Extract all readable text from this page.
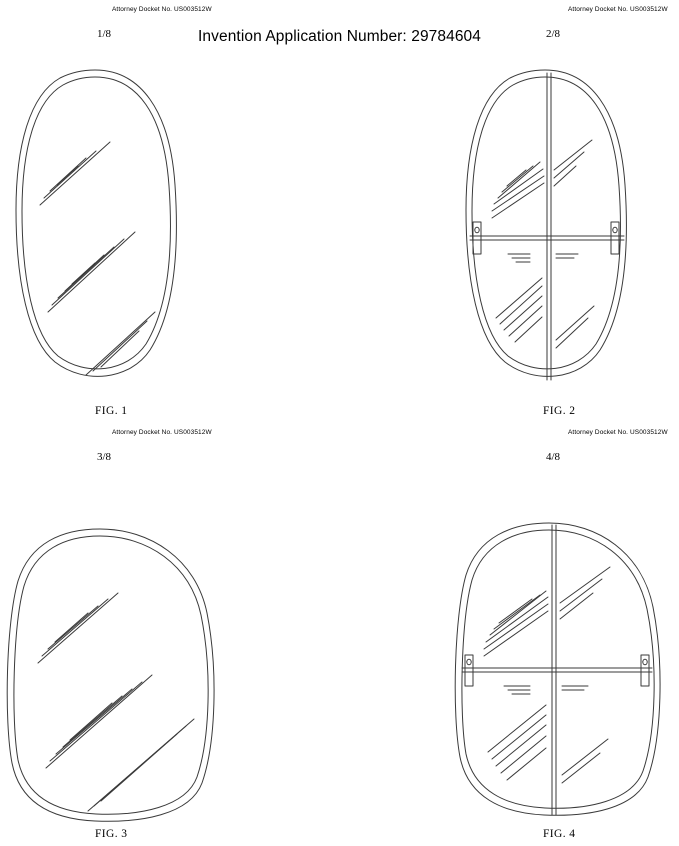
Invention Application Number: 29784604
Attorney Docket No. US003512W
1/8
FIG. 1
Attorney Docket No. US003512W
2/8
FIG. 2
Attorney Docket No. US003512W
3/8
FIG. 3
Attorney Docket No. US003512W
4/8
FIG. 4
